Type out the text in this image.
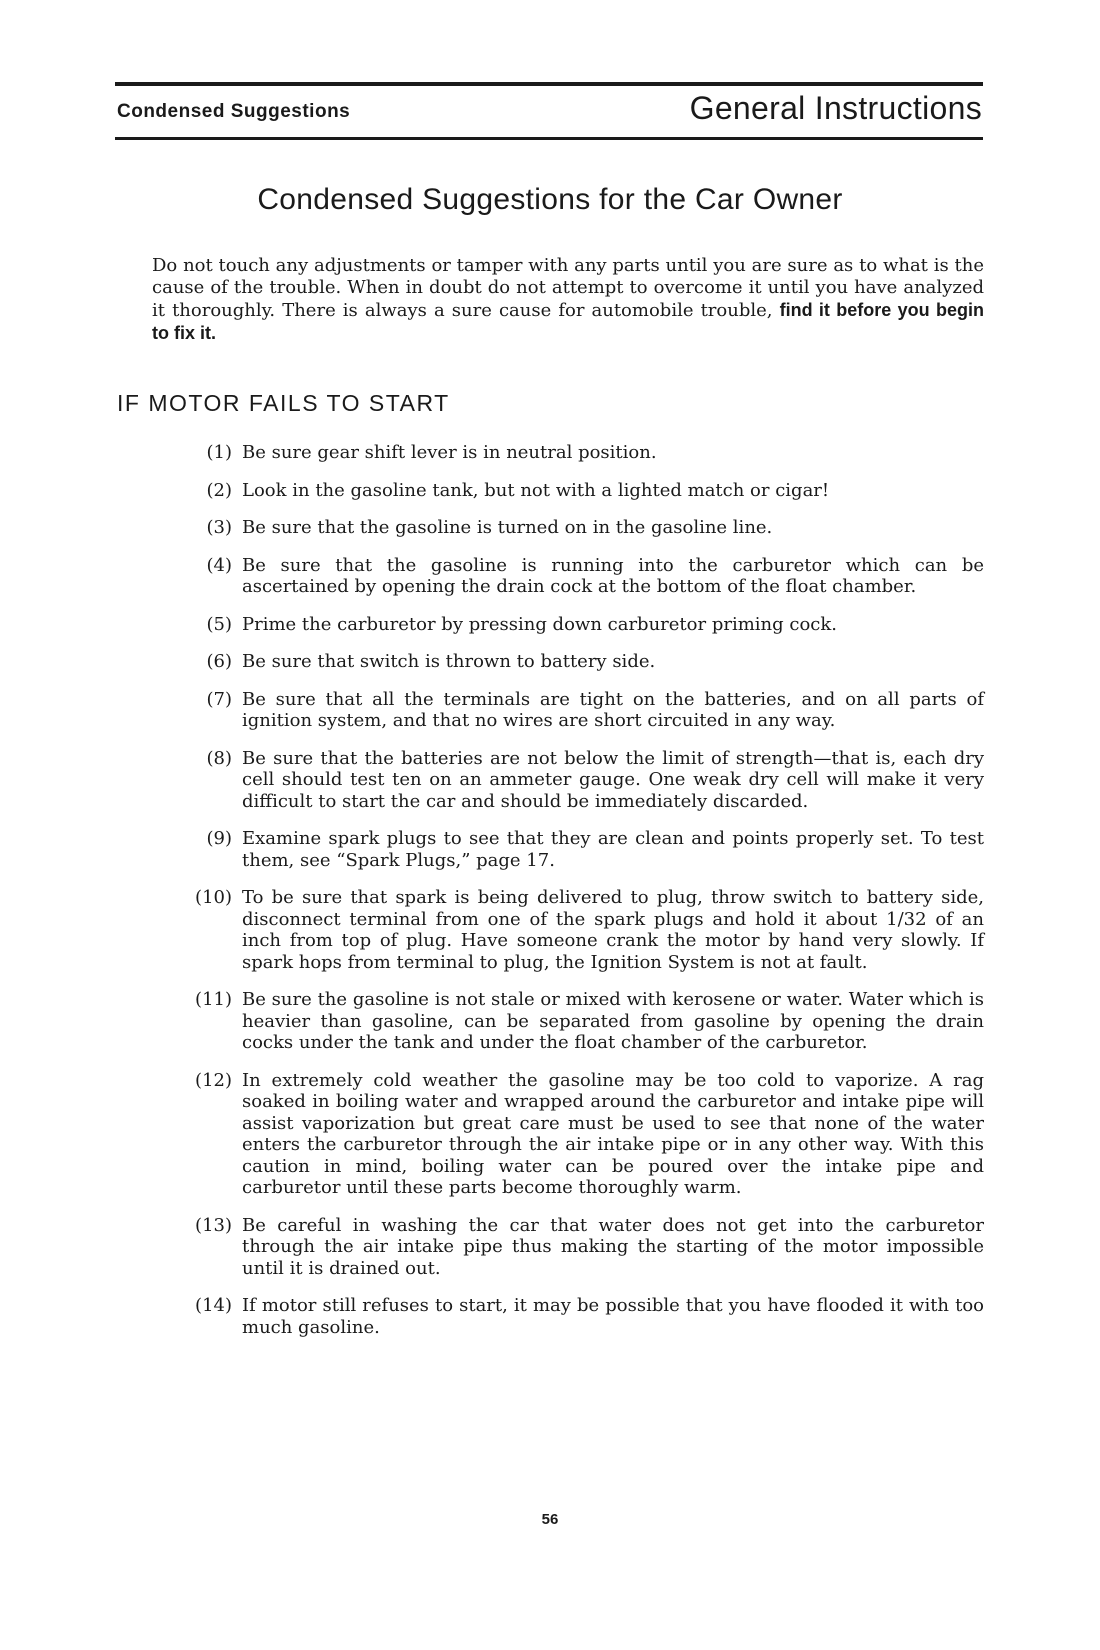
Condensed Suggestions	General Instructions
Condensed Suggestions for the Car Owner

Do not touch any adjustments or tamper with any parts until you are sure as to what is the cause of the trouble. When in doubt do not attempt to overcome it until you have analyzed it thoroughly. There is always a sure cause for automobile trouble, find it before you begin to fix it.

IF MOTOR FAILS TO START
(1) Be sure gear shift lever is in neutral position.
(2) Look in the gasoline tank, but not with a lighted match or cigar!
(3) Be sure that the gasoline is turned on in the gasoline line.
(4) Be sure that the gasoline is running into the carburetor which can be ascertained by opening the drain cock at the bottom of the float chamber.
(5) Prime the carburetor by pressing down carburetor priming cock.
(6) Be sure that switch is thrown to battery side.
(7) Be sure that all the terminals are tight on the batteries, and on all parts of ignition system, and that no wires are short circuited in any way.
(8) Be sure that the batteries are not below the limit of strength—that is, each dry cell should test ten on an ammeter gauge. One weak dry cell will make it very difficult to start the car and should be immediately discarded.
(9) Examine spark plugs to see that they are clean and points properly set. To test them, see “Spark Plugs,” page 17.
(10) To be sure that spark is being delivered to plug, throw switch to battery side, disconnect terminal from one of the spark plugs and hold it about 1/32 of an inch from top of plug. Have someone crank the motor by hand very slowly. If spark hops from terminal to plug, the Ignition System is not at fault.
(11) Be sure the gasoline is not stale or mixed with kerosene or water. Water which is heavier than gasoline, can be separated from gasoline by opening the drain cocks under the tank and under the float chamber of the carburetor.
(12) In extremely cold weather the gasoline may be too cold to vaporize. A rag soaked in boiling water and wrapped around the carburetor and intake pipe will assist vaporization but great care must be used to see that none of the water enters the carburetor through the air intake pipe or in any other way. With this caution in mind, boiling water can be poured over the intake pipe and carburetor until these parts become thoroughly warm.
(13) Be careful in washing the car that water does not get into the carburetor through the air intake pipe thus making the starting of the motor impossible until it is drained out.
(14) If motor still refuses to start, it may be possible that you have flooded it with too much gasoline.
56
